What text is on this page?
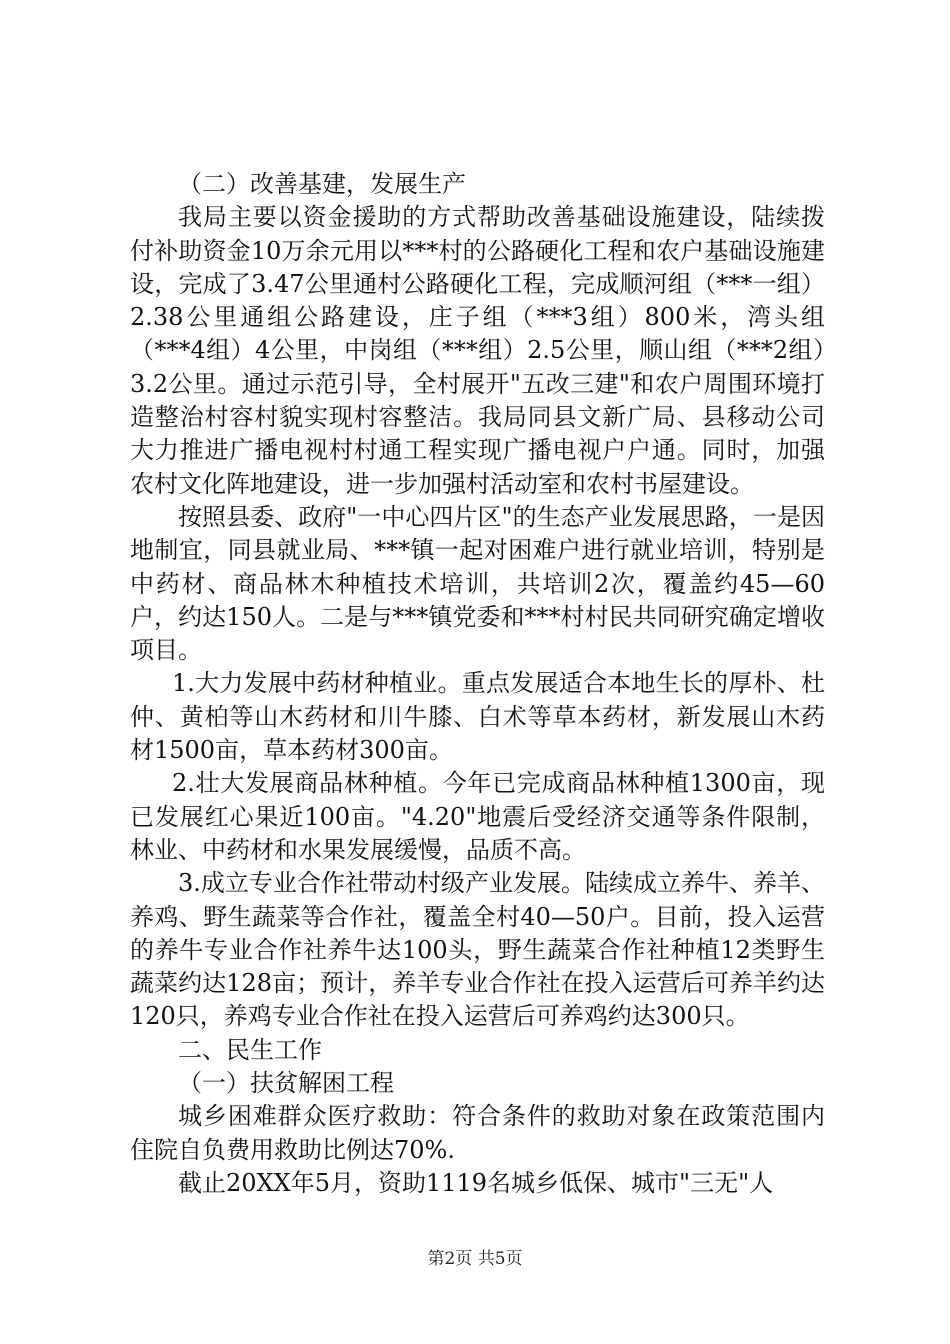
（二）改善基建，发展生产

我局主要以资金援助的方式帮助改善基础设施建设，陆续拨付补助资金10万余元用以***村的公路硬化工程和农户基础设施建设，完成了3.47公里通村公路硬化工程，完成顺河组（***一组）2.38公里通组公路建设，庄子组（***3组）800米，湾头组（***4组）4公里，中岗组（***组）2.5公里，顺山组（***2组）3.2公里。通过示范引导，全村展开"五改三建"和农户周围环境打造整治村容村貌实现村容整洁。我局同县文新广局、县移动公司大力推进广播电视村村通工程实现广播电视户户通。同时，加强农村文化阵地建设，进一步加强村活动室和农村书屋建设。

按照县委、政府"一中心四片区"的生态产业发展思路，一是因地制宜，同县就业局、***镇一起对困难户进行就业培训，特别是中药材、商品林木种植技术培训，共培训2次，覆盖约45—60户，约达150人。二是与***镇党委和***村村民共同研究确定增收项目。

1.大力发展中药材种植业。重点发展适合本地生长的厚朴、杜仲、黄柏等山木药材和川牛膝、白术等草本药材，新发展山木药材1500亩，草本药材300亩。

2.壮大发展商品林种植。今年已完成商品林种植1300亩，现已发展红心果近100亩。"4.20"地震后受经济交通等条件限制，林业、中药材和水果发展缓慢，品质不高。

3.成立专业合作社带动村级产业发展。陆续成立养牛、养羊、养鸡、野生蔬菜等合作社，覆盖全村40—50户。目前，投入运营的养牛专业合作社养牛达100头，野生蔬菜合作社种植12类野生蔬菜约达128亩；预计，养羊专业合作社在投入运营后可养羊约达120只，养鸡专业合作社在投入运营后可养鸡约达300只。

二、民生工作

（一）扶贫解困工程

城乡困难群众医疗救助：符合条件的救助对象在政策范围内住院自负费用救助比例达70%.

截止20XX年5月，资助1119名城乡低保、城市"三无"人

第2页 共5页
